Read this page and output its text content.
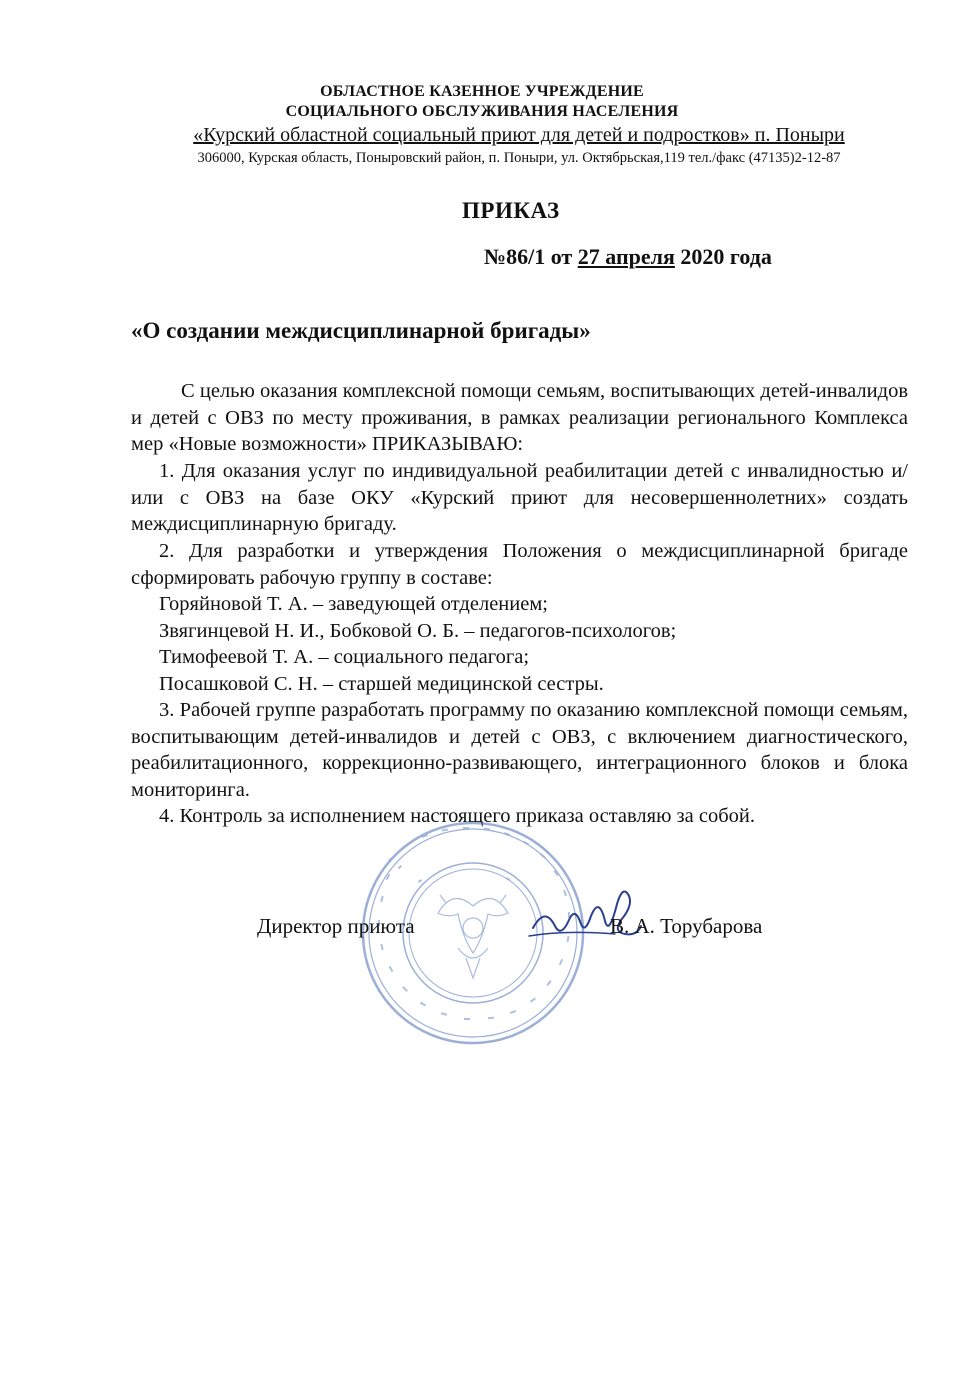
ОБЛАСТНОЕ КАЗЕННОЕ УЧРЕЖДЕНИЕ
СОЦИАЛЬНОГО ОБСЛУЖИВАНИЯ НАСЕЛЕНИЯ
«Курский областной социальный приют для детей и подростков» п. Поныри
306000, Курская область, Поныровский район, п. Поныри, ул. Октябрьская,119 тел./факс (47135)2-12-87
ПРИКАЗ
№86/1 от 27 апреля 2020 года
«О создании междисциплинарной бригады»

С целью оказания комплексной помощи семьям, воспитывающих детей-инвалидов и детей с ОВЗ по месту проживания, в рамках реализации регионального Комплекса мер «Новые возможности» ПРИКАЗЫВАЮ:

1. Для оказания услуг по индивидуальной реабилитации детей с инвалидностью и/или с ОВЗ на базе ОКУ «Курский приют для несовершеннолетних» создать междисциплинарную бригаду.

2. Для разработки и утверждения Положения о междисциплинарной бригаде сформировать рабочую группу в составе:

Горяйновой Т. А. – заведующей отделением;
Звягинцевой Н. И., Бобковой О. Б. – педагогов-психологов;
Тимофеевой Т. А. – социального педагога;
Посашковой С. Н. – старшей медицинской сестры.

3. Рабочей группе разработать программу по оказанию комплексной помощи семьям, воспитывающим детей-инвалидов и детей с ОВЗ, с включением диагностического, реабилитационного, коррекционно-развивающего, интеграционного блоков и блока мониторинга.

4. Контроль за исполнением настоящего приказа оставляю за собой.

Директор приюта	В. А. Торубарова
